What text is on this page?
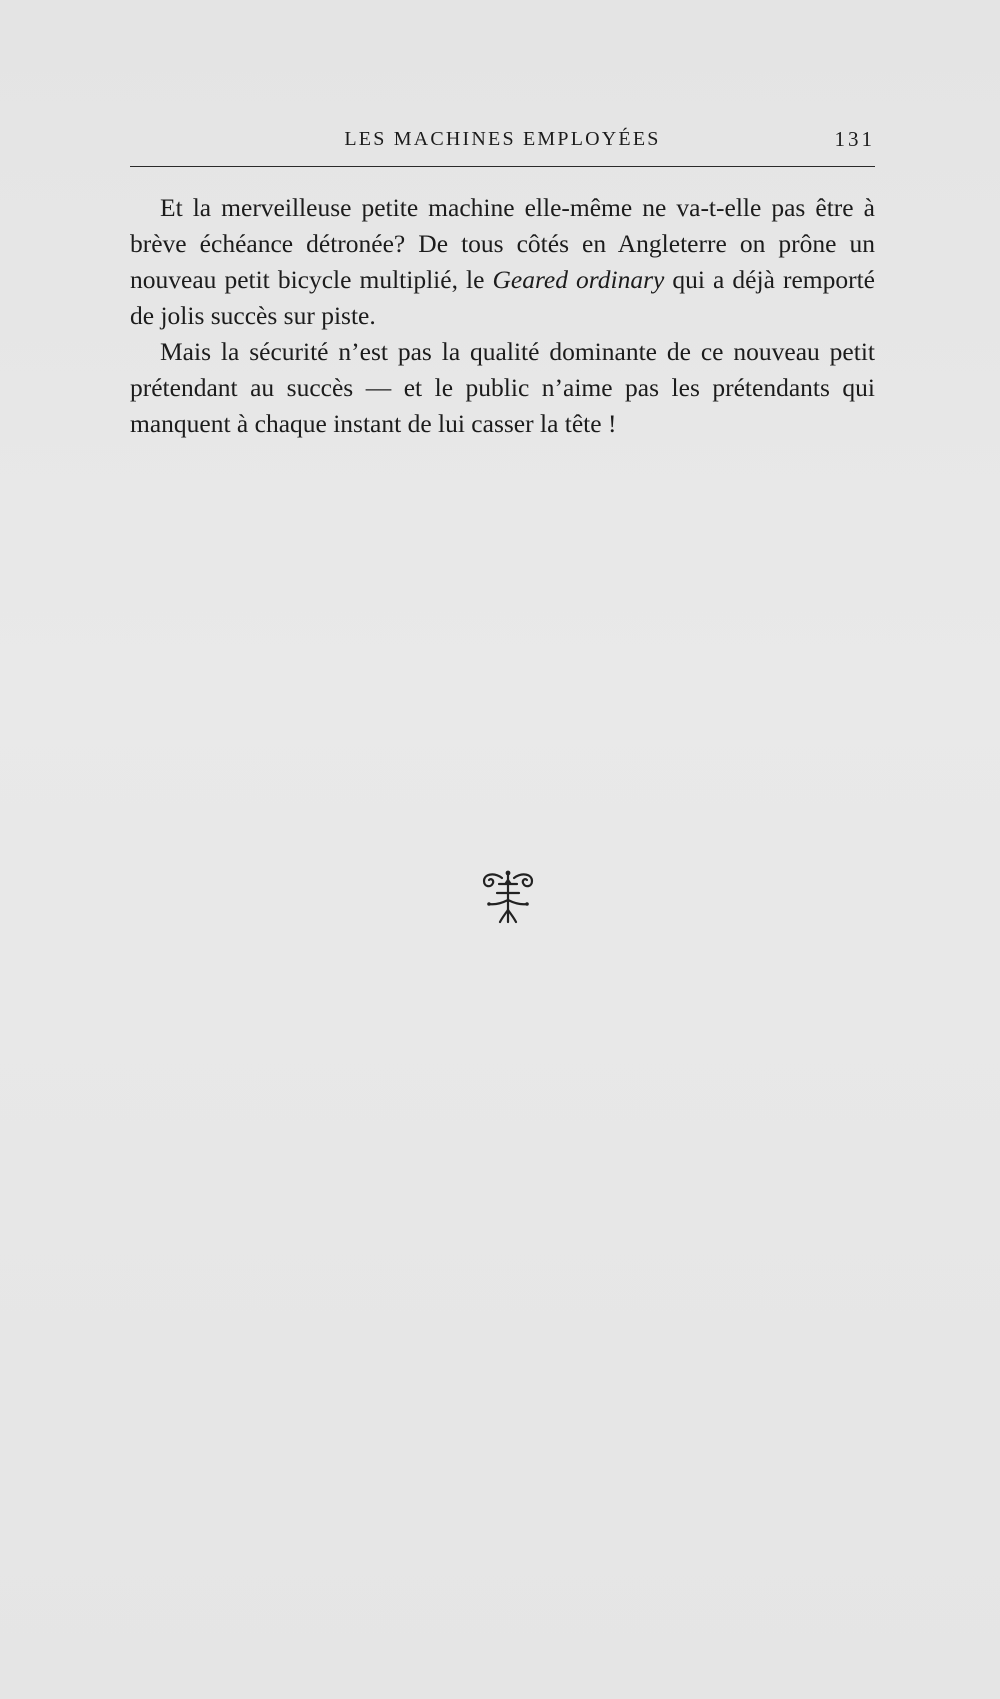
LES MACHINES EMPLOYÉES	131

Et la merveilleuse petite machine elle-même ne va-t-elle pas être à brève échéance détronée? De tous côtés en Angleterre on prône un nouveau petit bicycle multiplié, le Geared ordinary qui a déjà remporté de jolis succès sur piste.

Mais la sécurité n’est pas la qualité dominante de ce nouveau petit prétendant au succès — et le public n’aime pas les prétendants qui manquent à chaque instant de lui casser la tête !
